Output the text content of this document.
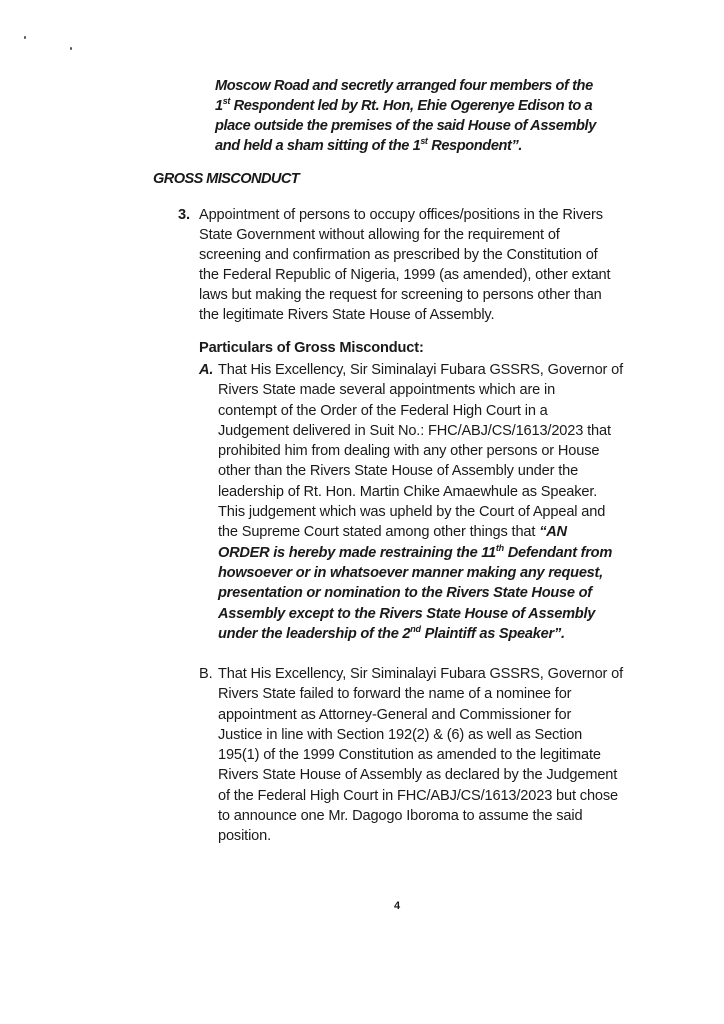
Moscow Road and secretly arranged four members of the
1st Respondent led by Rt. Hon, Ehie Ogerenye Edison to a
place outside the premises of the said House of Assembly
and held a sham sitting of the 1st Respondent”.
GROSS MISCONDUCT
3. Appointment of persons to occupy offices/positions in the Rivers
State Government without allowing for the requirement of
screening and confirmation as prescribed by the Constitution of
the Federal Republic of Nigeria, 1999 (as amended), other extant
laws but making the request for screening to persons other than
the legitimate Rivers State House of Assembly.
Particulars of Gross Misconduct:
A. That His Excellency, Sir Siminalayi Fubara GSSRS, Governor of
Rivers State made several appointments which are in
contempt of the Order of the Federal High Court in a
Judgement delivered in Suit No.: FHC/ABJ/CS/1613/2023 that
prohibited him from dealing with any other persons or House
other than the Rivers State House of Assembly under the
leadership of Rt. Hon. Martin Chike Amaewhule as Speaker.
This judgement which was upheld by the Court of Appeal and
the Supreme Court stated among other things that “AN
ORDER is hereby made restraining the 11th Defendant from
howsoever or in whatsoever manner making any request,
presentation or nomination to the Rivers State House of
Assembly except to the Rivers State House of Assembly
under the leadership of the 2nd Plaintiff as Speaker”.
B. That His Excellency, Sir Siminalayi Fubara GSSRS, Governor of
Rivers State failed to forward the name of a nominee for
appointment as Attorney-General and Commissioner for
Justice in line with Section 192(2) & (6) as well as Section
195(1) of the 1999 Constitution as amended to the legitimate
Rivers State House of Assembly as declared by the Judgement
of the Federal High Court in FHC/ABJ/CS/1613/2023 but chose
to announce one Mr. Dagogo Iboroma to assume the said
position.
4
